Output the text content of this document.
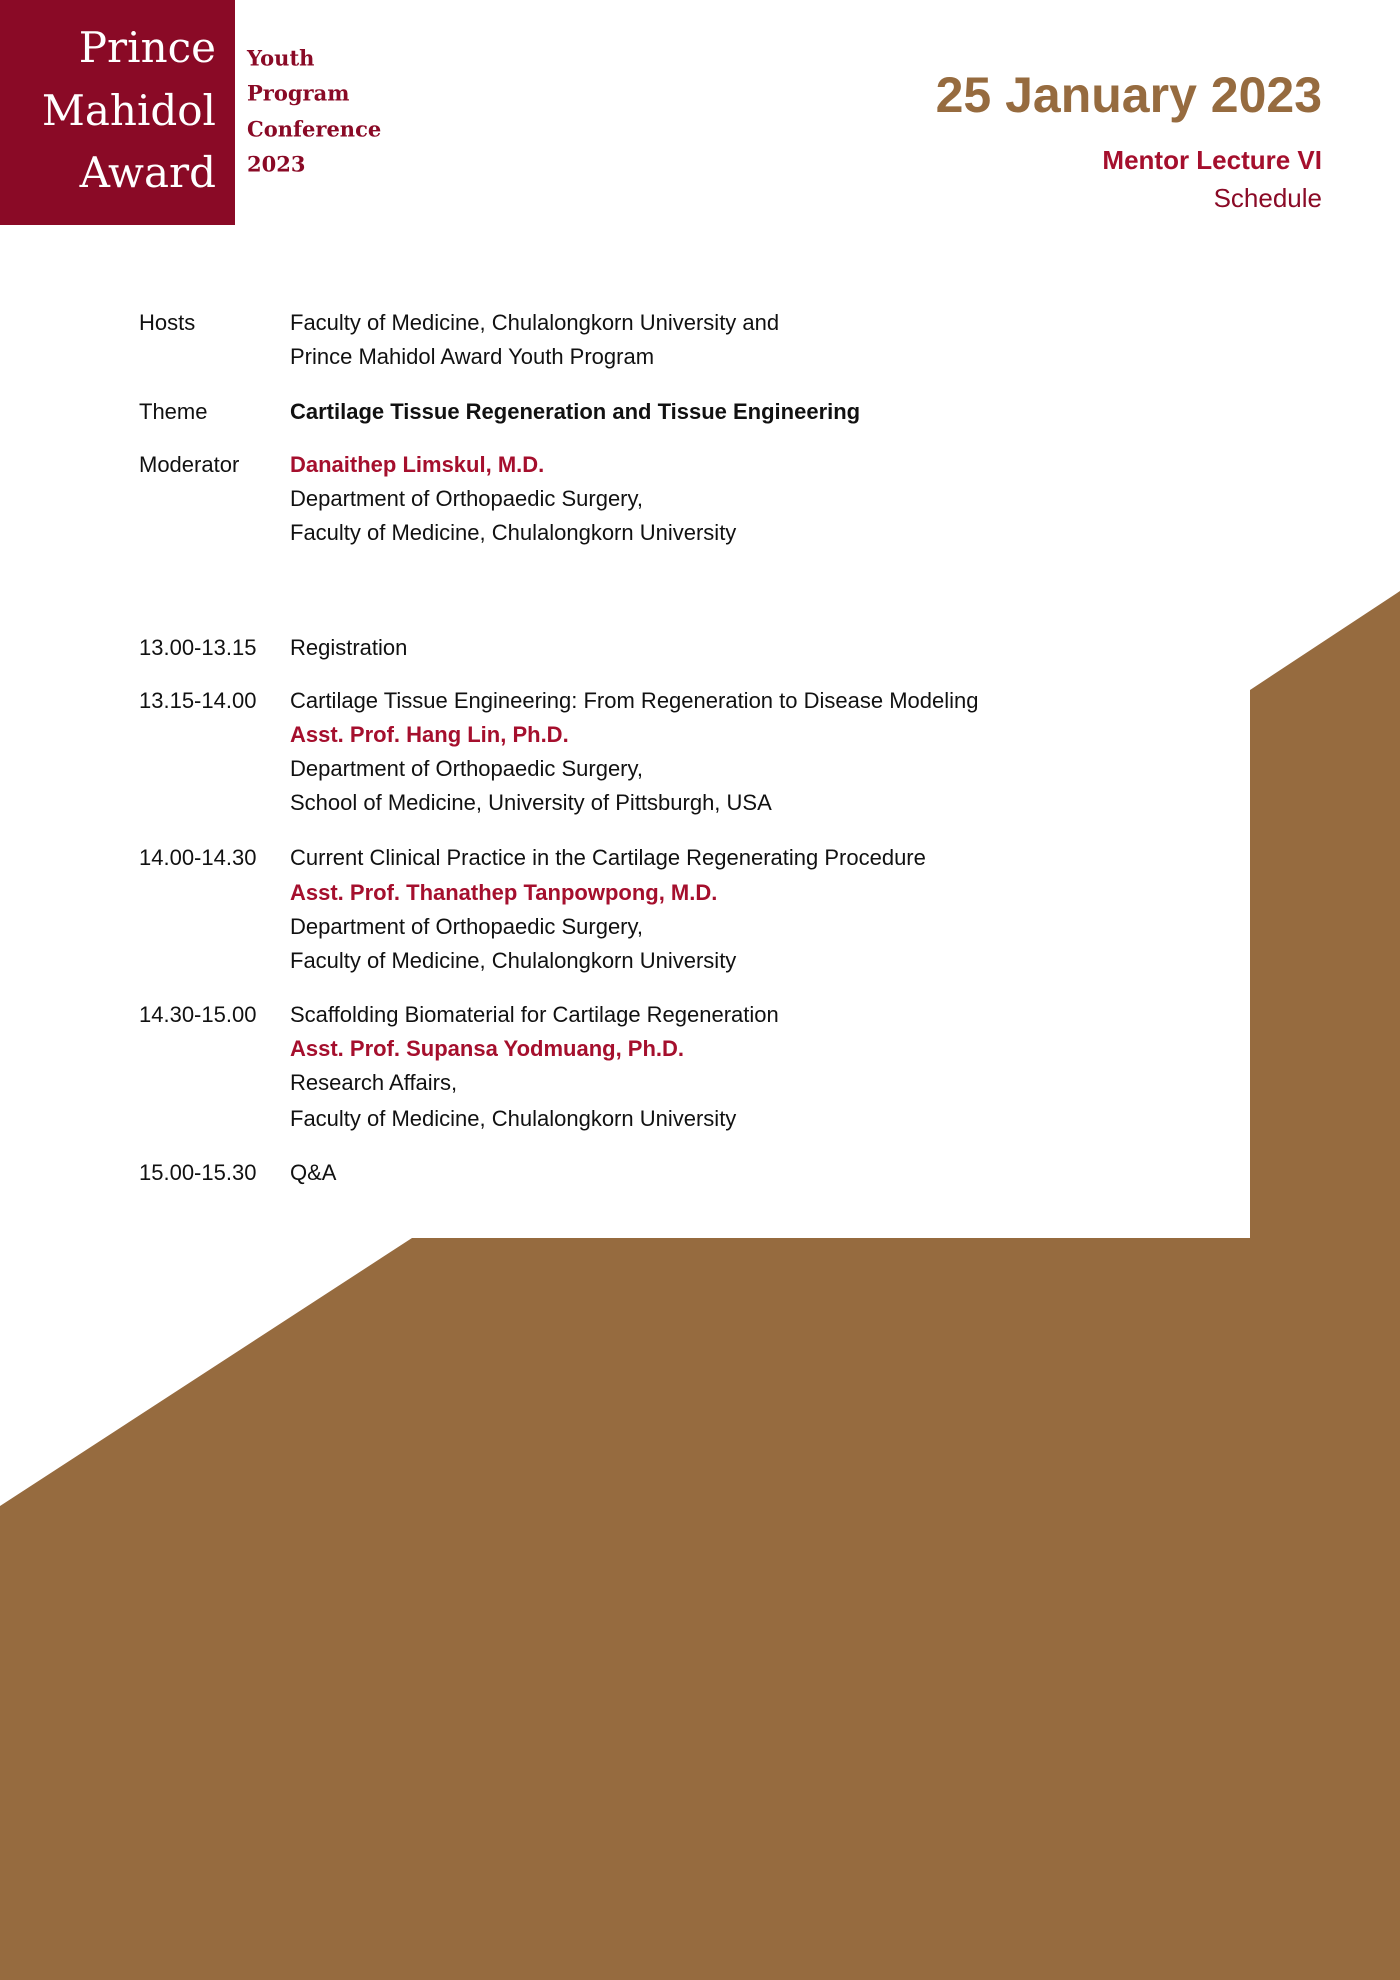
Prince
Mahidol
Award
Youth
Program
Conference
2023
25 January 2023
Mentor Lecture VI
Schedule
Hosts	Faculty of Medicine, Chulalongkorn University and
Prince Mahidol Award Youth Program
Theme	Cartilage Tissue Regeneration and Tissue Engineering
Moderator Danaithep Limskul, M.D.
Department of Orthopaedic Surgery,
Faculty of Medicine, Chulalongkorn University
13.00-13.15 Registration
13.15-14.00 Cartilage Tissue Engineering: From Regeneration to Disease Modeling
Asst. Prof. Hang Lin, Ph.D.
Department of Orthopaedic Surgery,
School of Medicine, University of Pittsburgh, USA
14.00-14.30 Current Clinical Practice in the Cartilage Regenerating Procedure
Asst. Prof. Thanathep Tanpowpong, M.D.
Department of Orthopaedic Surgery,
Faculty of Medicine, Chulalongkorn University
14.30-15.00 Scaffolding Biomaterial for Cartilage Regeneration
Asst. Prof. Supansa Yodmuang, Ph.D.
Research Affairs,
Faculty of Medicine, Chulalongkorn University
15.00-15.30 Q&A
